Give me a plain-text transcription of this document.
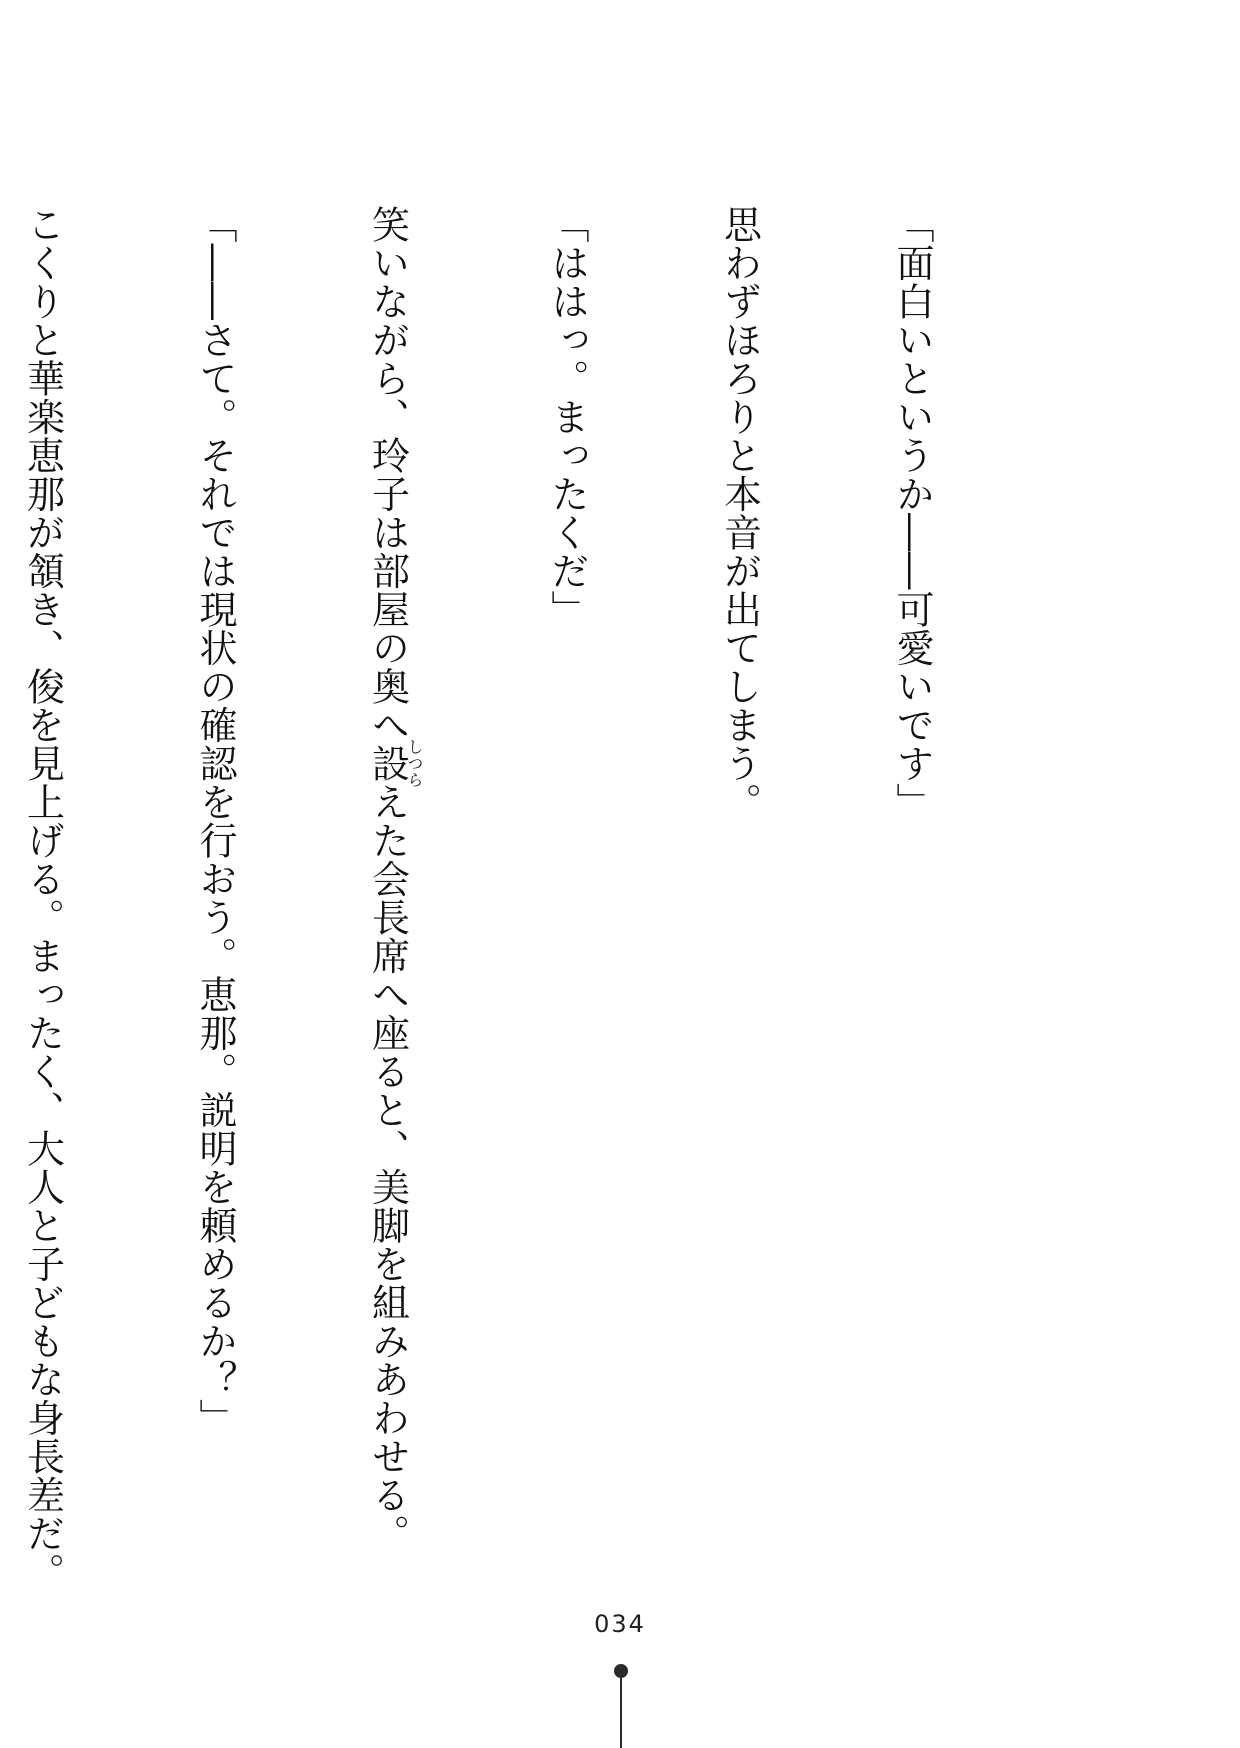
「面白いというか――可愛いです」

思わずほろりと本音が出てしまう。

「ははっ。まったくだ」

笑いながら、玲子は部屋の奥へ設しつらえた会長席へ座ると、美脚を組みあわせる。

「――さて。それでは現状の確認を行おう。恵那。説明を頼めるか？」

こくりと華楽恵那が頷き、俊を見上げる。まったく、大人と子どもな身長差だ。

034
